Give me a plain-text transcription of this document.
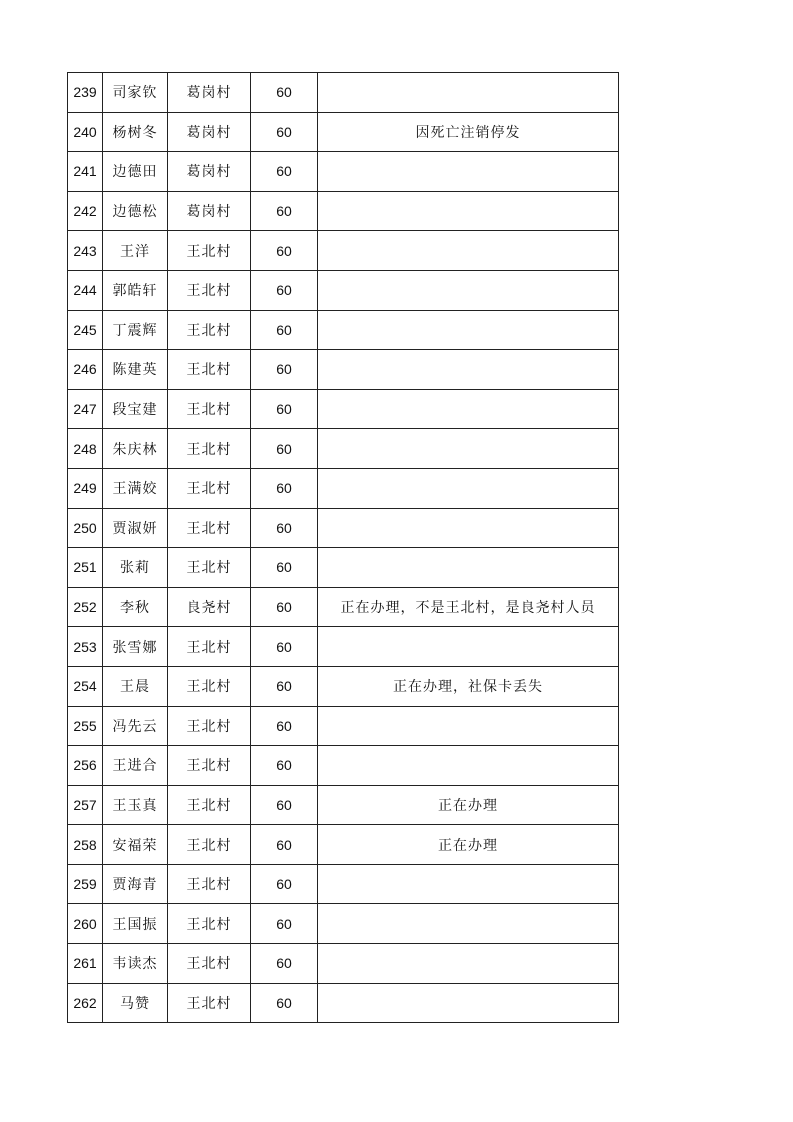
239	司家钦	葛岗村	60	
240	杨树冬	葛岗村	60	因死亡注销停发
241	边德田	葛岗村	60	
242	边德松	葛岗村	60	
243	王洋	王北村	60	
244	郭皓轩	王北村	60	
245	丁震辉	王北村	60	
246	陈建英	王北村	60	
247	段宝建	王北村	60	
248	朱庆林	王北村	60	
249	王满姣	王北村	60	
250	贾淑妍	王北村	60	
251	张莉	王北村	60	
252	李秋	良尧村	60	正在办理，不是王北村，是良尧村人员
253	张雪娜	王北村	60	
254	王晨	王北村	60	正在办理，社保卡丢失
255	冯先云	王北村	60	
256	王进合	王北村	60	
257	王玉真	王北村	60	正在办理
258	安福荣	王北村	60	正在办理
259	贾海青	王北村	60	
260	王国振	王北村	60	
261	韦读杰	王北村	60	
262	马赞	王北村	60	
